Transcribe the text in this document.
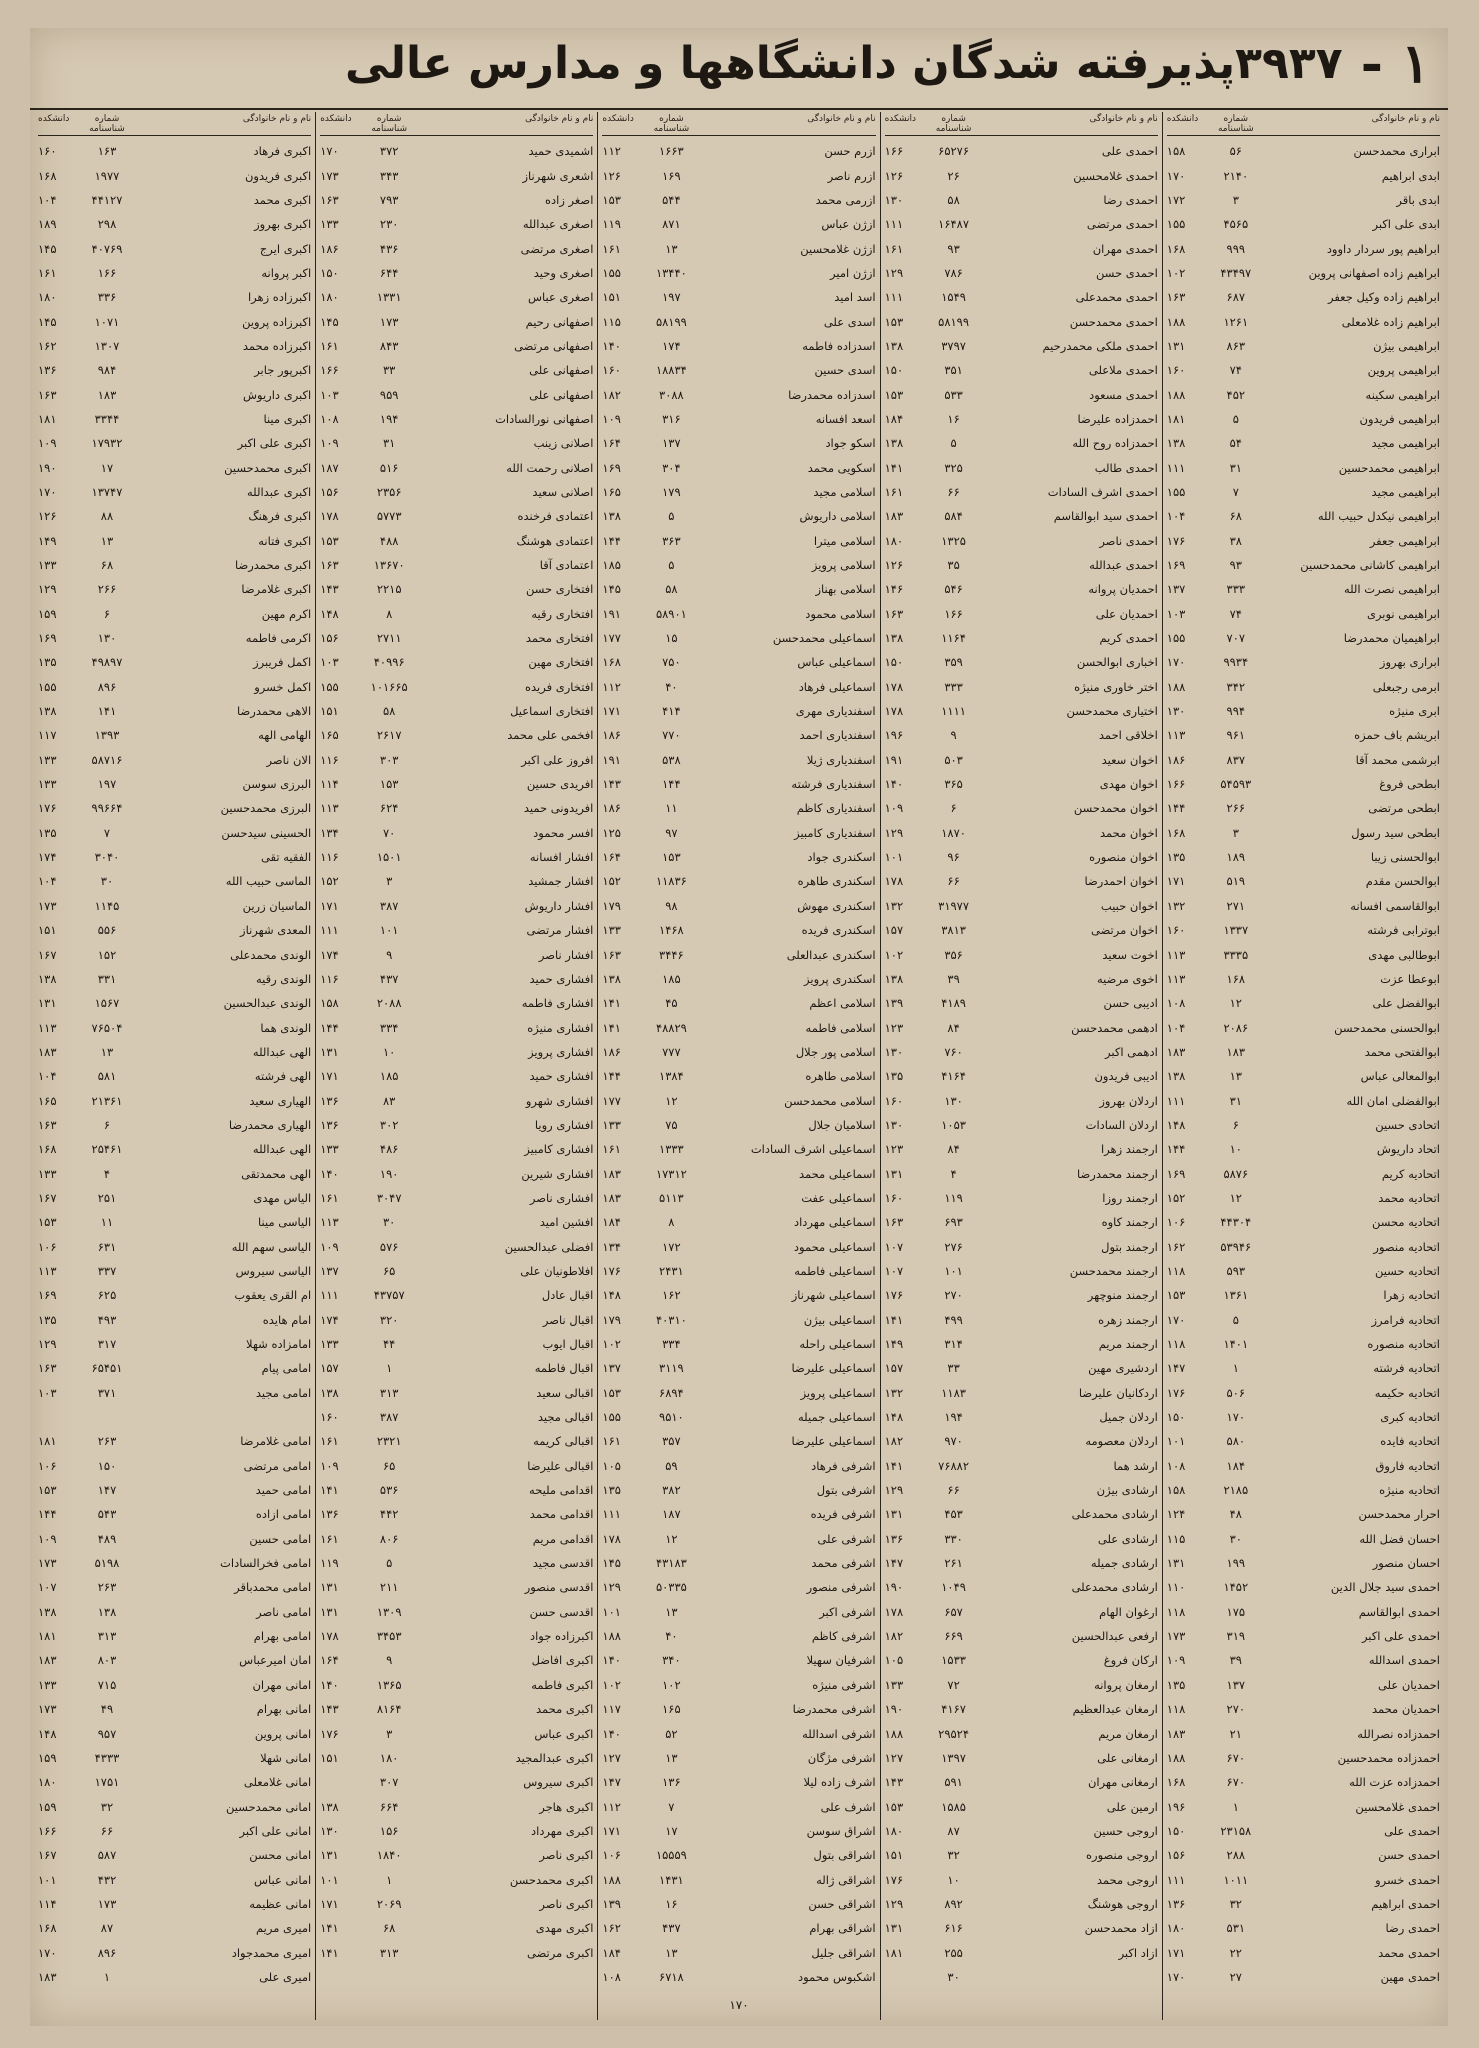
١
-
۳۹۳۷پذیرفته شدگان دانشگاهها و مدارس عالی
نام و نام خانوادگی
شماره شناسنامه
دانشکده
ابراری محمدحسن
۵۶
۱۵۸
ابدی ابراهیم
۲۱۴۰
۱۷۰
ابدی باقر
۳
۱۷۲
ابدی علی اکبر
۴۵۶۵
۱۵۵
ابراهیم پور سردار داوود
۹۹۹
۱۶۸
ابراهیم زاده اصفهانی پروین
۴۳۴۹۷
۱۰۲
ابراهیم زاده وکیل جعفر
۶۸۷
۱۶۳
ابراهیم زاده غلامعلی
۱۲۶۱
۱۸۸
ابراهیمی بیژن
۸۶۳
۱۳۱
ابراهیمی پروین
۷۴
۱۶۰
ابراهیمی سکینه
۴۵۲
۱۸۸
ابراهیمی فریدون
۵
۱۸۱
ابراهیمی مجید
۵۴
۱۳۸
ابراهیمی محمدحسین
۳۱
۱۱۱
ابراهیمی مجید
۷
۱۵۵
ابراهیمی نیکدل حبیب الله
۶۸
۱۰۴
ابراهیمی جعفر
۳۸
۱۷۶
ابراهیمی کاشانی محمدحسین
۹۳
۱۶۹
ابراهیمی نصرت الله
۳۳۳
۱۳۷
ابراهیمی نوبری
۷۴
۱۰۳
ابراهیمیان محمدرضا
۷۰۷
۱۵۵
ابراری بهروز
۹۹۳۴
۱۷۰
ابرمی رجبعلی
۳۴۲
۱۸۸
ابری منیژه
۹۹۴
۱۳۰
ابریشم باف حمزه
۹۶۱
۱۱۳
ابرشمی محمد آقا
۸۳۷
۱۸۶
ابطحی فروغ
۵۴۵۹۳
۱۶۶
ابطحی مرتضی
۲۶۶
۱۴۴
ابطحی سید رسول
۳
۱۶۸
ابوالحسنی زیبا
۱۸۹
۱۳۵
ابوالحسن مقدم
۵۱۹
۱۷۱
ابوالقاسمی افسانه
۲۷۱
۱۳۲
ابوترابی فرشته
۱۳۳۷
۱۶۰
ابوطالبی مهدی
۳۳۳۵
۱۱۳
ابوعطا عزت
۱۶۸
۱۱۳
ابوالفضل علی
۱۲
۱۰۸
ابوالحسنی محمدحسن
۲۰۸۶
۱۰۴
ابوالفتحی محمد
۱۸۳
۱۸۳
ابوالمعالی عباس
۱۳
۱۳۸
ابوالفضلی امان الله
۳۱
۱۱۱
اتحادی حسین
۶
۱۴۸
اتحاد داریوش
۱۰
۱۴۴
اتحادیه کریم
۵۸۷۶
۱۶۹
اتحادیه محمد
۱۲
۱۵۲
اتحادیه محسن
۴۴۳۰۴
۱۰۶
اتحادیه منصور
۵۳۹۴۶
۱۶۲
اتحادیه حسین
۵۹۳
۱۱۸
اتحادیه زهرا
۱۳۶۱
۱۵۳
اتحادیه فرامرز
۵
۱۷۰
اتحادیه منصوره
۱۴۰۱
۱۱۸
اتحادیه فرشته
۱
۱۴۷
اتحادیه حکیمه
۵۰۶
۱۷۶
اتحادیه کبری
۱۷۰
۱۵۰
اتحادیه فایده
۵۸۰
۱۰۱
اتحادیه فاروق
۱۸۴
۱۰۸
اتحادیه منیژه
۲۱۸۵
۱۵۸
احرار محمدحسن
۴۸
۱۲۴
احسان فضل الله
۳۰
۱۱۵
احسان منصور
۱۹۹
۱۳۱
احمدی سید جلال الدین
۱۴۵۲
۱۱۰
احمدی ابوالقاسم
۱۷۵
۱۱۸
احمدی علی اکبر
۳۱۹
۱۷۳
احمدی اسدالله
۳۹
۱۰۹
احمدیان علی
۱۳۷
۱۳۵
احمدیان محمد
۲۷۰
۱۱۸
احمدزاده نصرالله
۲۱
۱۸۳
احمدزاده محمدحسین
۶۷۰
۱۸۸
احمدزاده عزت الله
۶۷۰
۱۶۸
احمدی غلامحسین
۱
۱۹۶
احمدی علی
۲۳۱۵۸
۱۵۰
احمدی حسن
۲۸۸
۱۵۶
احمدی خسرو
۱۰۱۱
۱۱۱
احمدی ابراهیم
۳۲
۱۳۶
احمدی رضا
۵۳۱
۱۸۰
احمدی محمد
۲۲
۱۷۱
احمدی مهین
۲۷
۱۷۰
نام و نام خانوادگی
شماره شناسنامه
دانشکده
احمدی علی
۶۵۲۷۶
۱۶۶
احمدی غلامحسین
۲۶
۱۲۶
احمدی رضا
۵۸
۱۳۰
احمدی مرتضی
۱۶۴۸۷
۱۱۱
احمدی مهران
۹۳
۱۶۱
احمدی حسن
۷۸۶
۱۲۹
احمدی محمدعلی
۱۵۴۹
۱۱۱
احمدی محمدحسن
۵۸۱۹۹
۱۵۳
احمدی ملکی محمدرحیم
۳۷۹۷
۱۳۸
احمدی ملاعلی
۳۵۱
۱۵۰
احمدی مسعود
۵۳۳
۱۵۳
احمدزاده علیرضا
۱۶
۱۸۴
احمدزاده روح الله
۵
۱۳۸
احمدی طالب
۳۲۵
۱۴۱
احمدی اشرف السادات
۶۶
۱۶۱
احمدی سید ابوالقاسم
۵۸۴
۱۸۳
احمدی ناصر
۱۳۲۵
۱۸۰
احمدی عبدالله
۳۵
۱۲۶
احمدیان پروانه
۵۴۶
۱۴۶
احمدیان علی
۱۶۶
۱۶۳
احمدی کریم
۱۱۶۴
۱۳۸
اخباری ابوالحسن
۳۵۹
۱۵۰
اختر خاوری منیژه
۳۳۳
۱۷۸
اختیاری محمدحسن
۱۱۱۱
۱۷۸
اخلاقی احمد
۹
۱۹۶
اخوان سعید
۵۰۳
۱۹۱
اخوان مهدی
۳۶۵
۱۴۰
اخوان محمدحسن
۶
۱۰۹
اخوان محمد
۱۸۷۰
۱۲۹
اخوان منصوره
۹۶
۱۰۱
اخوان احمدرضا
۶۶
۱۷۸
اخوان حبیب
۳۱۹۷۷
۱۳۲
اخوان مرتضی
۳۸۱۳
۱۵۷
اخوت سعید
۳۵۶
۱۰۲
اخوی مرضیه
۳۹
۱۳۸
ادیبی حسن
۴۱۸۹
۱۳۹
ادهمی محمدحسن
۸۴
۱۲۳
ادهمی اکبر
۷۶۰
۱۳۰
ادیبی فریدون
۴۱۶۴
۱۳۵
اردلان بهروز
۱۳۰
۱۶۰
اردلان السادات
۱۰۵۳
۱۳۰
ارجمند زهرا
۸۴
۱۲۳
ارجمند محمدرضا
۴
۱۳۱
ارجمند روزا
۱۱۹
۱۶۰
ارجمند کاوه
۶۹۳
۱۶۳
ارجمند بتول
۲۷۶
۱۰۷
ارجمند محمدحسن
۱۰۱
۱۰۷
ارجمند منوچهر
۲۷۰
۱۷۶
ارجمند زهره
۴۹۹
۱۴۱
ارجمند مریم
۳۱۴
۱۴۹
اردشیری مهین
۳۳
۱۵۷
اردکانیان علیرضا
۱۱۸۳
۱۳۲
اردلان جمیل
۱۹۴
۱۴۸
اردلان معصومه
۹۷۰
۱۸۲
ارشد هما
۷۶۸۸۲
۱۴۱
ارشادی بیژن
۶۶
۱۲۹
ارشادی محمدعلی
۴۵۳
۱۳۱
ارشادی علی
۳۳۰
۱۳۶
ارشادی جمیله
۲۶۱
۱۴۷
ارشادی محمدعلی
۱۰۴۹
۱۹۰
ارغوان الهام
۶۵۷
۱۷۸
ارفعی عبدالحسین
۶۶۹
۱۸۲
ارکان فروغ
۱۵۳۳
۱۰۵
ارمغان پروانه
۷۲
۱۳۳
ارمغان عبدالعظیم
۴۱۶۷
۱۹۰
ارمغان مریم
۲۹۵۲۴
۱۸۸
ارمغانی علی
۱۳۹۷
۱۲۷
ارمغانی مهران
۵۹۱
۱۴۳
ارمین علی
۱۵۸۵
۱۵۳
اروجی حسین
۸۷
۱۸۰
اروجی منصوره
۳۲
۱۵۱
اروجی محمد
۱۰
۱۷۶
اروجی هوشنگ
۸۹۲
۱۲۹
ازاد محمدحسن
۶۱۶
۱۳۱
ازاد اکبر
۲۵۵
۱۸۱
۳۰
نام و نام خانوادگی
شماره شناسنامه
دانشکده
ازرم حسن
۱۶۶۳
۱۱۲
ازرم ناصر
۱۶۹
۱۲۶
ازرمی محمد
۵۴۴
۱۵۳
ازژن عباس
۸۷۱
۱۱۹
ازژن غلامحسین
۱۳
۱۶۱
ازژن امیر
۱۳۴۴۰
۱۵۵
اسد امید
۱۹۷
۱۵۱
اسدی علی
۵۸۱۹۹
۱۱۵
اسدزاده فاطمه
۱۷۴
۱۴۰
اسدی حسین
۱۸۸۳۴
۱۶۰
اسدزاده محمدرضا
۳۰۸۸
۱۸۲
اسعد افسانه
۳۱۶
۱۰۹
اسکو جواد
۱۳۷
۱۶۴
اسکویی محمد
۳۰۴
۱۶۹
اسلامی مجید
۱۷۹
۱۶۵
اسلامی داریوش
۵
۱۳۸
اسلامی میترا
۳۶۳
۱۴۴
اسلامی پرویز
۵
۱۸۵
اسلامی بهناز
۵۸
۱۴۵
اسلامی محمود
۵۸۹۰۱
۱۹۱
اسماعیلی محمدحسن
۱۵
۱۷۷
اسماعیلی عباس
۷۵۰
۱۶۸
اسماعیلی فرهاد
۴۰
۱۱۲
اسفندیاری مهری
۴۱۴
۱۷۱
اسفندیاری احمد
۷۷۰
۱۸۶
اسفندیاری ژیلا
۵۳۸
۱۹۱
اسفندیاری فرشته
۱۴۴
۱۴۳
اسفندیاری کاظم
۱۱
۱۸۶
اسفندیاری کامبیز
۹۷
۱۲۵
اسکندری جواد
۱۵۳
۱۶۴
اسکندری طاهره
۱۱۸۳۶
۱۵۲
اسکندری مهوش
۹۸
۱۷۹
اسکندری فریده
۱۴۶۸
۱۳۳
اسکندری عبدالعلی
۳۴۴۶
۱۶۳
اسکندری پرویز
۱۸۵
۱۳۸
اسلامی اعظم
۴۵
۱۴۱
اسلامی فاطمه
۴۸۸۲۹
۱۴۱
اسلامی پور جلال
۷۷۷
۱۸۶
اسلامی طاهره
۱۳۸۴
۱۴۴
اسلامی محمدحسن
۱۲
۱۷۷
اسلامیان جلال
۷۵
۱۳۳
اسماعیلی اشرف السادات
۱۳۳۳
۱۶۱
اسماعیلی محمد
۱۷۳۱۲
۱۸۳
اسماعیلی عفت
۵۱۱۳
۱۸۳
اسماعیلی مهرداد
۸
۱۸۴
اسماعیلی محمود
۱۷۲
۱۳۴
اسماعیلی فاطمه
۲۴۳۱
۱۷۶
اسماعیلی شهرناز
۱۶۲
۱۴۸
اسماعیلی بیژن
۴۰۳۱۰
۱۷۹
اسماعیلی راحله
۳۳۴
۱۰۲
اسماعیلی علیرضا
۳۱۱۹
۱۳۷
اسماعیلی پرویز
۶۸۹۴
۱۵۳
اسماعیلی جمیله
۹۵۱۰
۱۵۵
اسماعیلی علیرضا
۳۵۷
۱۶۱
اشرفی فرهاد
۵۹
۱۰۵
اشرفی بتول
۳۸۲
۱۳۵
اشرفی فریده
۱۸۷
۱۱۱
اشرفی علی
۱۲
۱۷۸
اشرفی محمد
۴۳۱۸۳
۱۴۵
اشرفی منصور
۵۰۳۳۵
۱۲۹
اشرفی اکبر
۱۳
۱۰۱
اشرفی کاظم
۴۰
۱۸۸
اشرفیان سهیلا
۳۴۰
۱۴۰
اشرفی منیژه
۱۰۲
۱۰۲
اشرفی محمدرضا
۱۶۵
۱۱۷
اشرفی اسدالله
۵۲
۱۴۰
اشرفی مژگان
۱۳
۱۲۷
اشرف زاده لیلا
۱۳۶
۱۴۷
اشرف علی
۷
۱۱۲
اشراق سوسن
۱۷
۱۷۱
اشراقی بتول
۱۵۵۵۹
۱۰۶
اشراقی ژاله
۱۴۳۱
۱۸۸
اشراقی حسن
۱۶
۱۳۹
اشراقی بهرام
۴۳۷
۱۶۲
اشراقی جلیل
۱۳
۱۸۴
اشکبوس محمود
۶۷۱۸
۱۰۸
نام و نام خانوادگی
شماره شناسنامه
دانشکده
اشمیدی حمید
۳۷۲
۱۷۰
اشعری شهرناز
۳۴۳
۱۷۳
اصغر زاده
۷۹۳
۱۶۳
اصغری عبدالله
۲۳۰
۱۳۳
اصغری مرتضی
۴۳۶
۱۸۶
اصغری وحید
۶۴۴
۱۵۰
اصغری عباس
۱۳۳۱
۱۸۰
اصفهانی رحیم
۱۷۳
۱۴۵
اصفهانی مرتضی
۸۴۳
۱۶۱
اصفهانی علی
۳۳
۱۶۶
اصفهانی علی
۹۵۹
۱۰۳
اصفهانی نورالسادات
۱۹۴
۱۰۸
اصلانی زینب
۳۱
۱۰۹
اصلانی رحمت الله
۵۱۶
۱۸۷
اصلانی سعید
۲۳۵۶
۱۵۶
اعتمادی فرخنده
۵۷۷۳
۱۷۸
اعتمادی هوشنگ
۴۸۸
۱۵۳
اعتمادی آقا
۱۳۶۷۰
۱۶۳
افتخاری حسن
۲۲۱۵
۱۴۳
افتخاری رقیه
۸
۱۴۸
افتخاری محمد
۲۷۱۱
۱۵۶
افتخاری مهین
۴۰۹۹۶
۱۰۳
افتخاری فریده
۱۰۱۶۶۵
۱۵۵
افتخاری اسماعیل
۵۸
۱۵۱
افخمی علی محمد
۲۶۱۷
۱۶۵
افروز علی اکبر
۳۰۳
۱۱۶
افریدی حسین
۱۵۳
۱۱۴
افریدونی حمید
۶۲۴
۱۱۳
افسر محمود
۷۰
۱۳۴
افشار افسانه
۱۵۰۱
۱۱۶
افشار جمشید
۳
۱۵۲
افشار داریوش
۳۸۷
۱۷۱
افشار مرتضی
۱۰۱
۱۱۱
افشار ناصر
۹
۱۷۴
افشاری حمید
۴۳۷
۱۱۶
افشاری فاطمه
۲۰۸۸
۱۵۸
افشاری منیژه
۳۳۴
۱۴۴
افشاری پرویز
۱۰
۱۳۱
افشاری حمید
۱۸۵
۱۷۱
افشاری شهرو
۸۳
۱۳۶
افشاری رویا
۳۰۲
۱۳۶
افشاری کامبیز
۴۸۶
۱۳۳
افشاری شیرین
۱۹۰
۱۴۰
افشاری ناصر
۳۰۴۷
۱۶۱
افشین امید
۳۰
۱۱۳
افضلی عبدالحسین
۵۷۶
۱۰۹
افلاطونیان علی
۶۵
۱۳۷
اقبال عادل
۴۳۷۵۷
۱۱۱
اقبال ناصر
۳۲۰
۱۷۴
اقبال ایوب
۴۴
۱۳۳
اقبال فاطمه
۱
۱۵۷
اقبالی سعید
۳۱۳
۱۳۸
اقبالی مجید
۳۸۷
۱۶۰
اقبالی کریمه
۲۳۲۱
۱۶۱
اقبالی علیرضا
۶۵
۱۰۹
اقدامی ملیحه
۵۳۶
۱۴۱
اقدامی محمد
۴۴۲
۱۳۶
اقدامی مریم
۸۰۶
۱۶۱
اقدسی مجید
۵
۱۱۹
اقدسی منصور
۲۱۱
۱۳۱
اقدسی حسن
۱۳۰۹
۱۳۱
اکبرزاده جواد
۳۴۵۳
۱۷۸
اکبری افاضل
۹
۱۶۴
اکبری فاطمه
۱۳۶۵
۱۴۰
اکبری محمد
۸۱۶۴
۱۴۳
اکبری عباس
۳
۱۷۶
اکبری عبدالمجید
۱۸۰
۱۵۱
اکبری سیروس
۳۰۷
اکبری هاجر
۶۶۴
۱۳۸
اکبری مهرداد
۱۵۶
۱۳۰
اکبری ناصر
۱۸۴۰
۱۳۱
اکبری محمدحسن
۱
۱۰۱
اکبری ناصر
۲۰۶۹
۱۷۱
اکبری مهدی
۶۸
۱۴۱
اکبری مرتضی
۳۱۳
۱۴۱
نام و نام خانوادگی
شماره شناسنامه
دانشکده
اکبری فرهاد
۱۶۳
۱۶۰
اکبری فریدون
۱۹۷۷
۱۶۸
اکبری محمد
۴۴۱۲۷
۱۰۴
اکبری بهروز
۲۹۸
۱۸۹
اکبری ایرج
۴۰۷۶۹
۱۴۵
اکبر پروانه
۱۶۶
۱۶۱
اکبرزاده زهرا
۳۳۶
۱۸۰
اکبرزاده پروین
۱۰۷۱
۱۴۵
اکبرزاده محمد
۱۳۰۷
۱۶۲
اکبرپور جابر
۹۸۴
۱۳۶
اکبری داریوش
۱۸۳
۱۶۳
اکبری مینا
۳۳۴۴
۱۸۱
اکبری علی اکبر
۱۷۹۳۲
۱۰۹
اکبری محمدحسین
۱۷
۱۹۰
اکبری عبدالله
۱۳۷۴۷
۱۷۰
اکبری فرهنگ
۸۸
۱۲۶
اکبری فتانه
۱۳
۱۴۹
اکبری محمدرضا
۶۸
۱۳۳
اکبری غلامرضا
۲۶۶
۱۲۹
اکرم مهین
۶
۱۵۹
اکرمی فاطمه
۱۳۰
۱۶۹
اکمل فریبرز
۴۹۸۹۷
۱۳۵
اکمل خسرو
۸۹۶
۱۵۵
الاهی محمدرضا
۱۴۱
۱۳۸
الهامی الهه
۱۳۹۳
۱۱۷
الان ناصر
۵۸۷۱۶
۱۳۳
البرزی سوسن
۱۹۷
۱۳۳
البرزی محمدحسین
۹۹۶۶۴
۱۷۶
الحسینی سیدحسن
۷
۱۳۵
الفقیه تقی
۳۰۴۰
۱۷۴
الماسی حبیب الله
۳۰
۱۰۴
الماسیان زرین
۱۱۴۵
۱۷۳
المعدی شهرناز
۵۵۶
۱۵۱
الوندی محمدعلی
۱۵۲
۱۶۷
الوندی رقیه
۳۳۱
۱۳۸
الوندی عبدالحسین
۱۵۶۷
۱۳۱
الوندی هما
۷۶۵۰۴
۱۱۳
الهی عبدالله
۱۳
۱۸۳
الهی فرشته
۵۸۱
۱۰۴
الهیاری سعید
۲۱۳۶۱
۱۶۵
الهیاری محمدرضا
۶
۱۶۳
الهی عبدالله
۲۵۴۶۱
۱۶۸
الهی محمدتقی
۴
۱۳۳
الیاس مهدی
۲۵۱
۱۶۷
الیاسی مینا
۱۱
۱۵۳
الیاسی سهم الله
۶۳۱
۱۰۶
الیاسی سیروس
۳۳۷
۱۱۳
ام القری یعقوب
۶۲۵
۱۶۹
امام هایده
۴۹۳
۱۳۵
امامزاده شهلا
۳۱۷
۱۲۹
امامی پیام
۶۵۴۵۱
۱۶۳
امامی مجید
۳۷۱
۱۰۳
امامی غلامرضا
۲۶۳
۱۸۱
امامی مرتضی
۱۵۰
۱۰۶
امامی حمید
۱۴۷
۱۵۳
امامی ازاده
۵۴۳
۱۴۴
امامی حسین
۴۸۹
۱۰۹
امامی فخرالسادات
۵۱۹۸
۱۷۳
امامی محمدباقر
۲۶۳
۱۰۷
امامی ناصر
۱۳۸
۱۳۸
امامی بهرام
۳۱۳
۱۸۱
امان امیرعباس
۸۰۳
۱۸۳
امانی مهران
۷۱۵
۱۳۳
امانی بهرام
۴۹
۱۷۳
امانی پروین
۹۵۷
۱۴۸
امانی شهلا
۴۳۳۳
۱۵۹
امانی غلامعلی
۱۷۵۱
۱۸۰
امانی محمدحسین
۳۲
۱۵۹
امانی علی اکبر
۶۶
۱۶۶
امانی محسن
۵۸۷
۱۶۷
امانی عباس
۴۳۲
۱۰۱
امانی عظیمه
۱۷۳
۱۱۴
امیری مریم
۸۷
۱۶۸
امیری محمدجواد
۸۹۶
۱۷۰
امیری علی
۱
۱۸۳
۱۷۰
